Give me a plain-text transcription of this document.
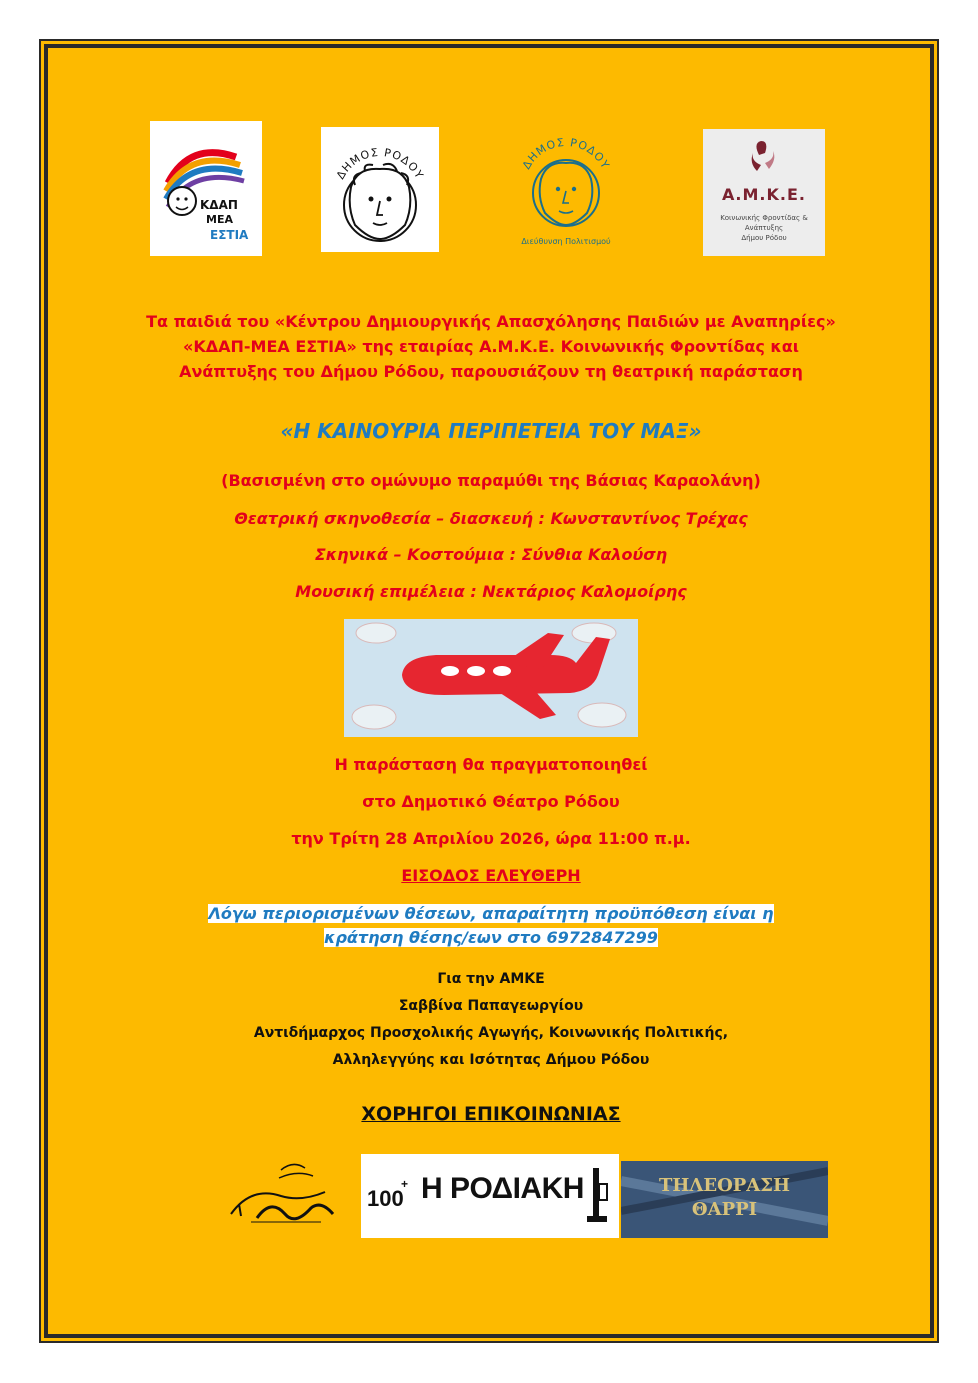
ΚΔΑΠ
ΜΕΑ
ΕΣΤΙΑ
ΔΗΜΟΣ ΡΟΔΟΥ
ΔΗΜΟΣ ΡΟΔΟΥ
Διεύθυνση Πολιτισμού
Α.Μ.Κ.Ε.
Κοινωνικής Φροντίδας & Ανάπτυξης
Δήμου Ρόδου
Τα παιδιά του «Κέντρου Δημιουργικής Απασχόλησης Παιδιών με Αναπηρίες» «ΚΔΑΠ-ΜΕΑ ΕΣΤΙΑ» της εταιρίας Α.Μ.Κ.Ε. Κοινωνικής Φροντίδας και Ανάπτυξης του Δήμου Ρόδου, παρουσιάζουν τη θεατρική παράσταση
«Η ΚΑΙΝΟΥΡΙΑ ΠΕΡΙΠΕΤΕΙΑ ΤΟΥ ΜΑΞ»
(Βασισμένη στο ομώνυμο παραμύθι της Βάσιας Καραολάνη)
Θεατρική σκηνοθεσία – διασκευή : Κωνσταντίνος Τρέχας
Σκηνικά – Κοστούμια : Σύνθια Καλούση
Μουσική επιμέλεια : Νεκτάριος Καλομοίρης
Η παράσταση θα πραγματοποιηθεί
στο Δημοτικό Θέατρο Ρόδου
την Τρίτη 28 Απριλίου 2026, ώρα 11:00 π.μ.
ΕΙΣΟΔΟΣ ΕΛΕΥΘΕΡΗ
Λόγω περιορισμένων θέσεων, απαραίτητη προϋπόθεση είναι η
κράτηση θέσης/εων στο 6972847299
Για την ΑΜΚΕ
Σαββίνα Παπαγεωργίου
Αντιδήμαρχος Προσχολικής Αγωγής, Κοινωνικής Πολιτικής,
Αλληλεγγύης και Ισότητας Δήμου Ρόδου
ΧΟΡΗΓΟΙ ΕΠΙΚΟΙΝΩΝΙΑΣ
100
+ Η ΡΟΔΙΑΚΗ	ΤΗΛΕΟΡΑΣΗ
ΘΑΡΡΙ
